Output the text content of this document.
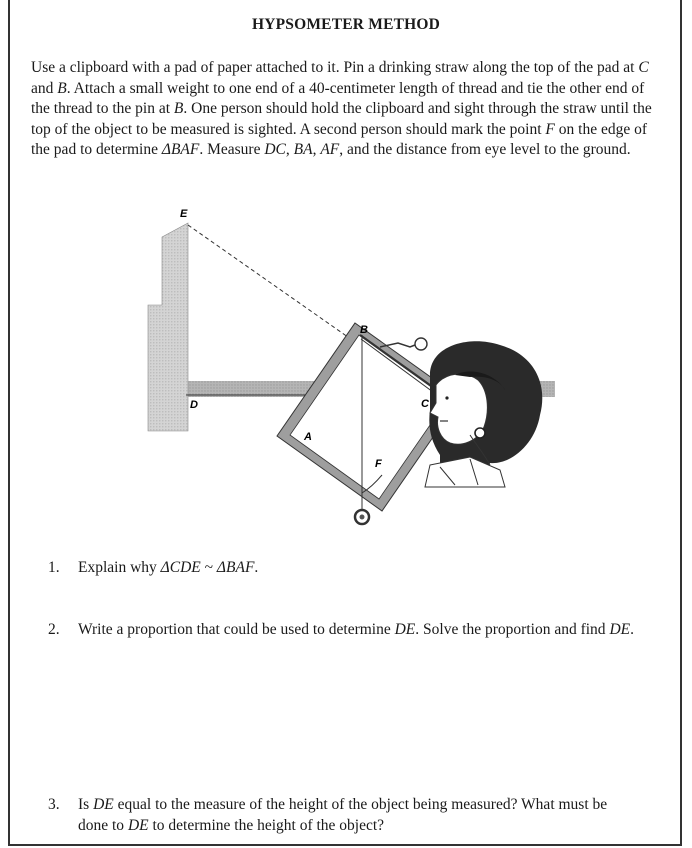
HYPSOMETER METHOD
Use a clipboard with a pad of paper attached to it. Pin a drinking straw along the top of the pad at C and B. Attach a small weight to one end of a 40-centimeter length of thread and tie the other end of the thread to the pin at B. One person should hold the clipboard and sight through the straw until the top of the object to be measured is sighted. A second person should mark the point F on the edge of the pad to determine ΔBAF. Measure DC, BA, AF, and the distance from eye level to the ground.
E
B
C
D
A
F
1. Explain why ΔCDE ~ ΔBAF.
2. Write a proportion that could be used to determine DE. Solve the proportion and find DE.
3. Is DE equal to the measure of the height of the object being measured? What must be done to DE to determine the height of the object?
